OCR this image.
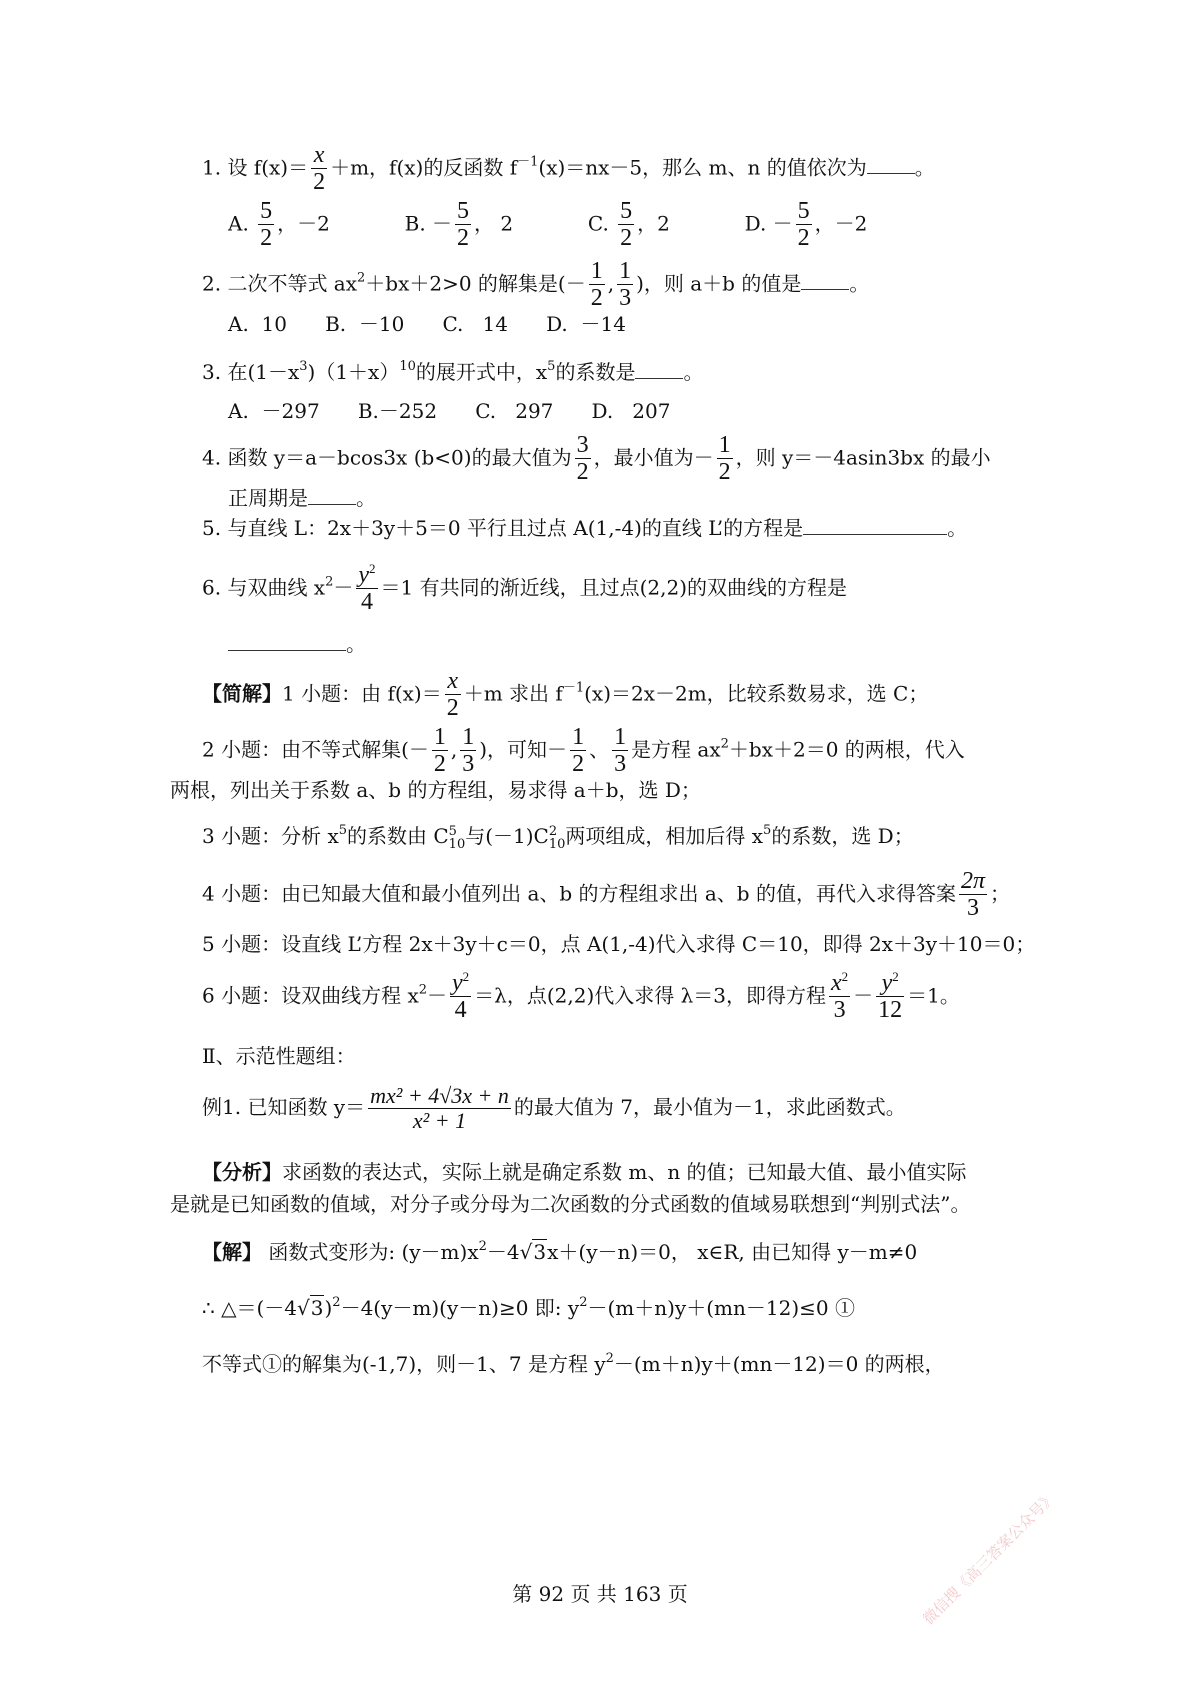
1. 设 $f(x)= \frac{x}{2} +m$，f(x)的反函数 $f^{-1}(x)=nx-5$，那么 m、n 的值依次为 。
A. $\frac{5}{2}$ ，－2	B. － $\frac{5}{2}$ ， 2	C. $\frac{5}{2}$ ，2	D. － $\frac{5}{2}$ ，－2
2. 二次不等式 $ax^2+bx+2>0$ 的解集是(－ $\frac{1}{2}$ , $\frac{1}{3}$ )，则 a＋b 的值是 。
A.  10      B.  －10      C.   14      D.  －14
3. 在$(1-x^3)(1+x)^{10}$的展开式中，$x^5$的系数是 。
A.  －297      B.－252      C.   297      D.   207
4. 函数 y＝a－bcos3x (b<0)的最大值为 $\frac{3}{2}$ ，最小值为－ $\frac{1}{2}$ ，则 y＝－4asin3bx 的最小
正周期是 。
5. 与直线 L：2x＋3y＋5＝0 平行且过点 A(1,-4)的直线 L’的方程是	。
6. 与双曲线 $x^2- \frac{y^2}{4} =1$ 有共同的渐近线，且过点(2,2)的双曲线的方程是
。
【简解】1 小题：由 $f(x)= \frac{x}{2} +m$ 求出 $f^{-1}(x)=2x-2m$，比较系数易求，选 C；
2 小题：由不等式解集(－ $\frac{1}{2}$ , $\frac{1}{3}$ )，可知－ $\frac{1}{2}$ 、 $\frac{1}{3}$ 是方程 $ax^2+bx+2=0$ 的两根，代入
两根，列出关于系数 a、b 的方程组，易求得 a＋b，选 D；
3 小题：分析 $x^5$的系数由 C 5
10 与(－1)C 2
10 两项组成，相加后得 $x^5$的系数，选 D；
4 小题：由已知最大值和最小值列出 a、b 的方程组求出 a、b 的值，再代入求得答案 $\frac{2\pi}{3}$ ；
5 小题：设直线 L’方程 2x＋3y＋c＝0，点 A(1,-4)代入求得 C＝10，即得 2x＋3y＋10＝0；
6 小题：设双曲线方程 $x^2- \frac{y^2}{4} =\lambda$，点(2,2)代入求得 λ＝3，即得方程 $\frac{x^2}{3} - \frac{y^2}{12} =1$。
Ⅱ、示范性题组：
例1. 已知函数 $y= \frac{\text{mx² + 4√3x + n}}{\text{x² + 1}}$ 的最大值为 7，最小值为－1，求此函数式。
【分析】求函数的表达式，实际上就是确定系数 m、n 的值；已知最大值、最小值实际
是就是已知函数的值域，对分子或分母为二次函数的分式函数的值域易联想到“判别式法”。
【解】 函数式变形为: $(y-m)x^2-4√3x+(y-n)=0$， x∈R, 由已知得 y－m≠0
∴ $\triangle=(-4√3)^2-4(y-m)(y-n)\ge 0$ 即: $y^2-(m+n)y+(mn-12)\le 0$ ①
不等式①的解集为(-1,7)，则－1、7 是方程 $y^2-(m+n)y+(mn-12)=0$ 的两根，
第 92 页 共 163 页	微信搜《高三答案公众号》
